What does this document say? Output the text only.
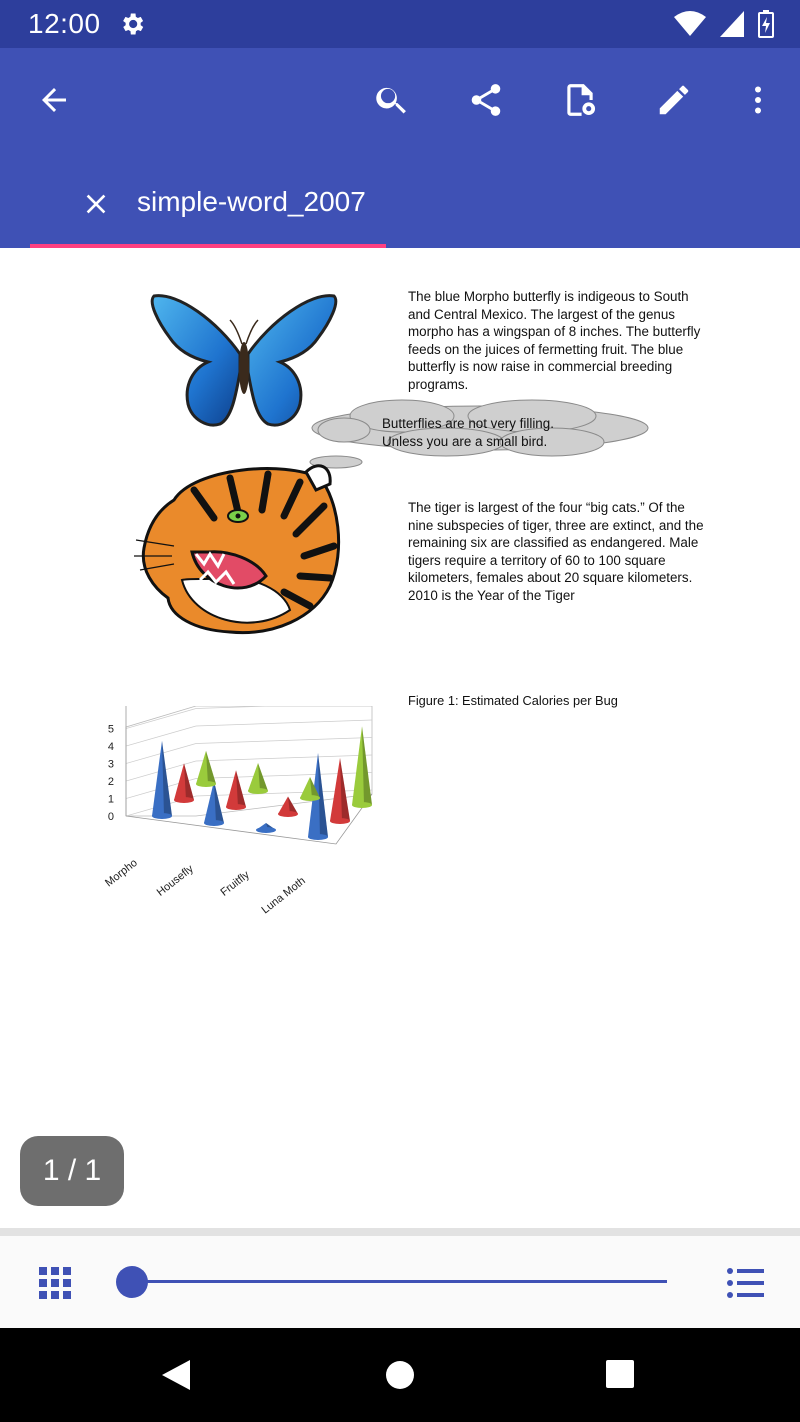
12:00
simple-word_2007

The blue Morpho butterfly is indigeous to South and Central Mexico. The largest of the genus morpho has a wingspan of 8 inches. The butterfly feeds on the juices of fermetting fruit. The blue butterfly is now raise in commercial breeding programs.

Butterflies are not very filling.

Unless you are a small bird.

The tiger is largest of the four “big cats.” Of the nine subspecies of tiger, three are extinct, and the remaining six are classified as endangered. Male tigers require a territory of 60 to 100 square kilometers, females about 20 square kilometers. 2010 is the Year of the Tiger

Figure 1: Estimated Calories per Bug

0
1
2
3
4
5
Morpho Housefly Fruitfly Luna Moth
1 / 1
